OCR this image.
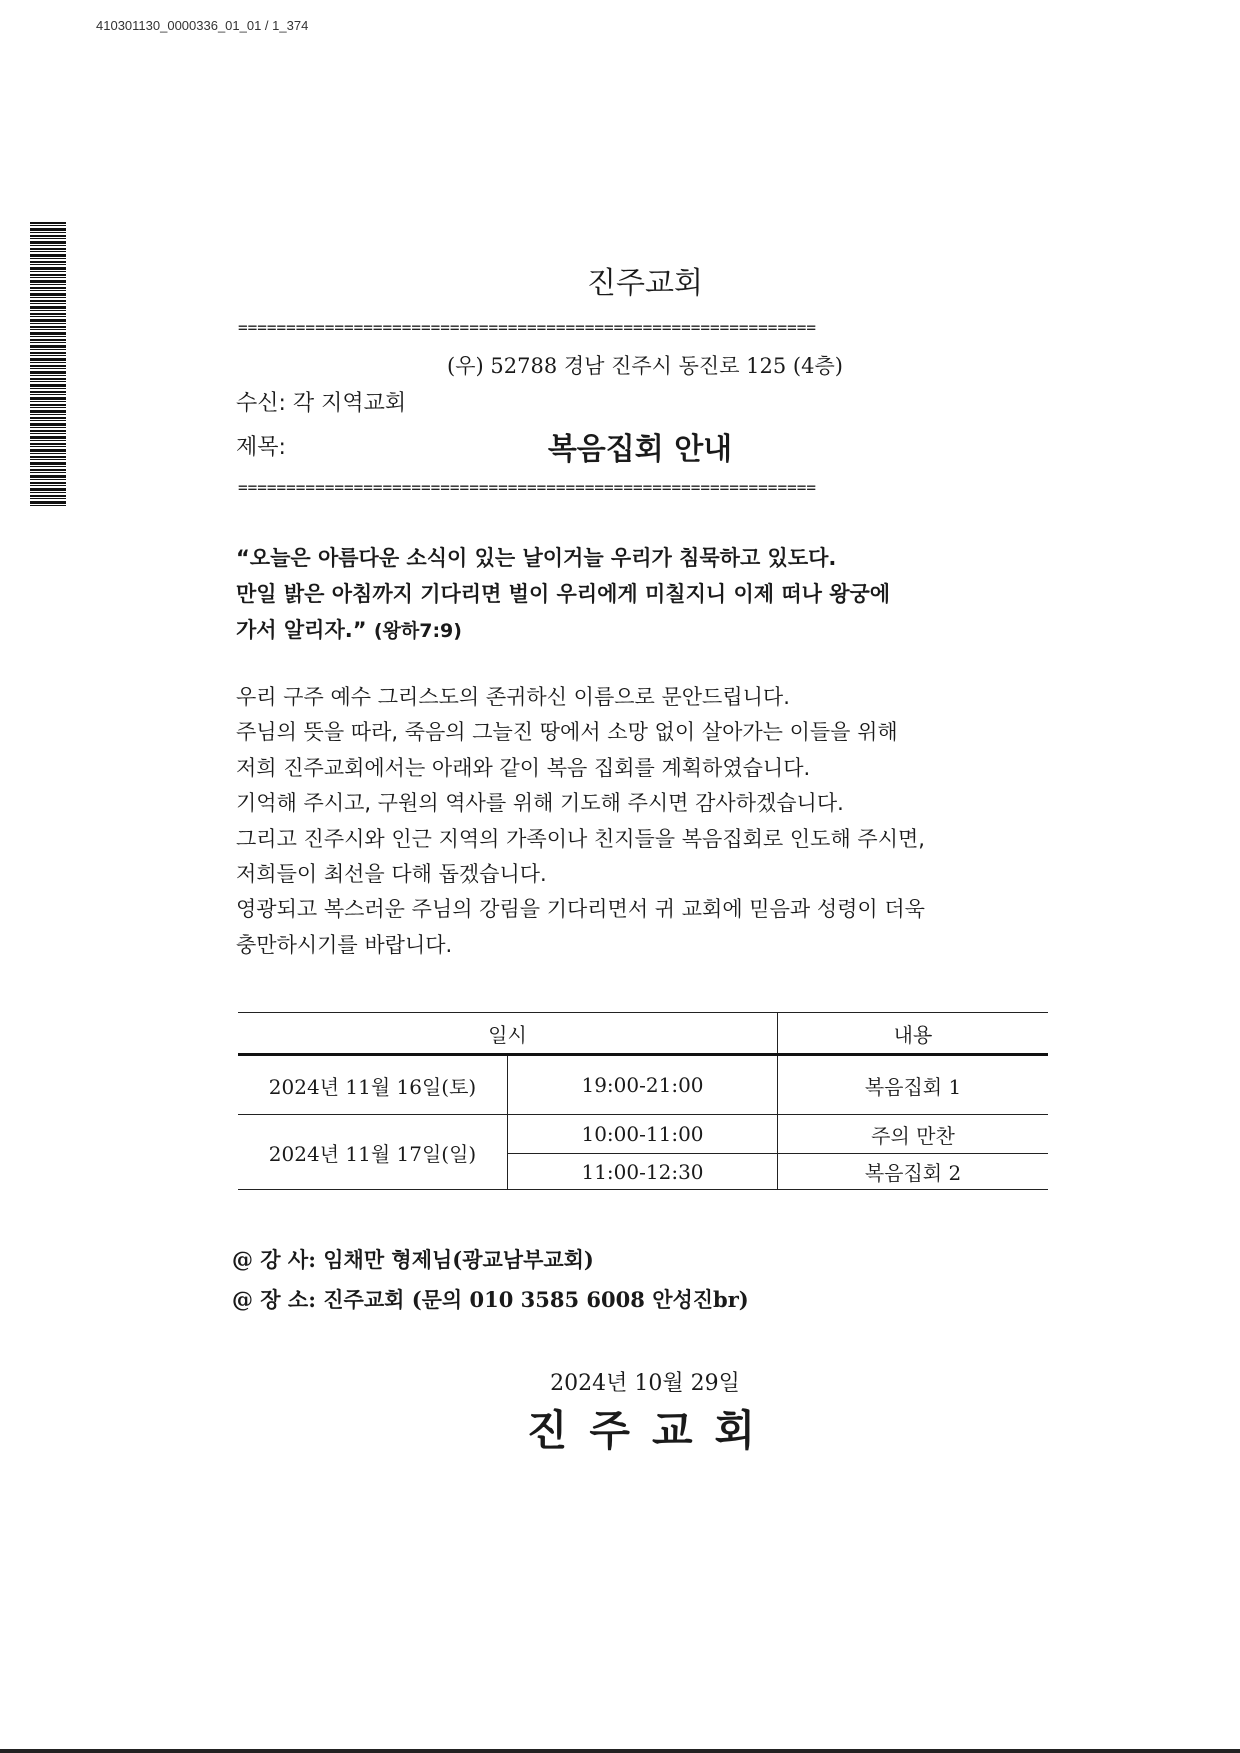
410301130_0000336_01_01 / 1_374
진주교회
============================================================
(우) 52788 경남 진주시 동진로 125 (4층)
수신: 각 지역교회
제목:	복음집회 안내
============================================================
“오늘은 아름다운 소식이 있는 날이거늘 우리가 침묵하고 있도다.
만일 밝은 아침까지 기다리면 벌이 우리에게 미칠지니 이제 떠나 왕궁에
가서 알리자.” (왕하7:9)
우리 구주 예수 그리스도의 존귀하신 이름으로 문안드립니다.
주님의 뜻을 따라, 죽음의 그늘진 땅에서 소망 없이 살아가는 이들을 위해
저희 진주교회에서는 아래와 같이 복음 집회를 계획하였습니다.
기억해 주시고, 구원의 역사를 위해 기도해 주시면 감사하겠습니다.
그리고 진주시와 인근 지역의 가족이나 친지들을 복음집회로 인도해 주시면,
저희들이 최선을 다해 돕겠습니다.
영광되고 복스러운 주님의 강림을 기다리면서 귀 교회에 믿음과 성령이 더욱
충만하시기를 바랍니다.
일시		내용
2024년 11월 16일(토)	19:00-21:00	복음집회 1
2024년 11월 17일(일)	10:00-11:00	주의 만찬
	11:00-12:30	복음집회 2
@ 강 사: 임채만 형제님(광교남부교회)
@ 장 소: 진주교회 (문의 010 3585 6008 안성진br)
2024년 10월 29일
진주교회
